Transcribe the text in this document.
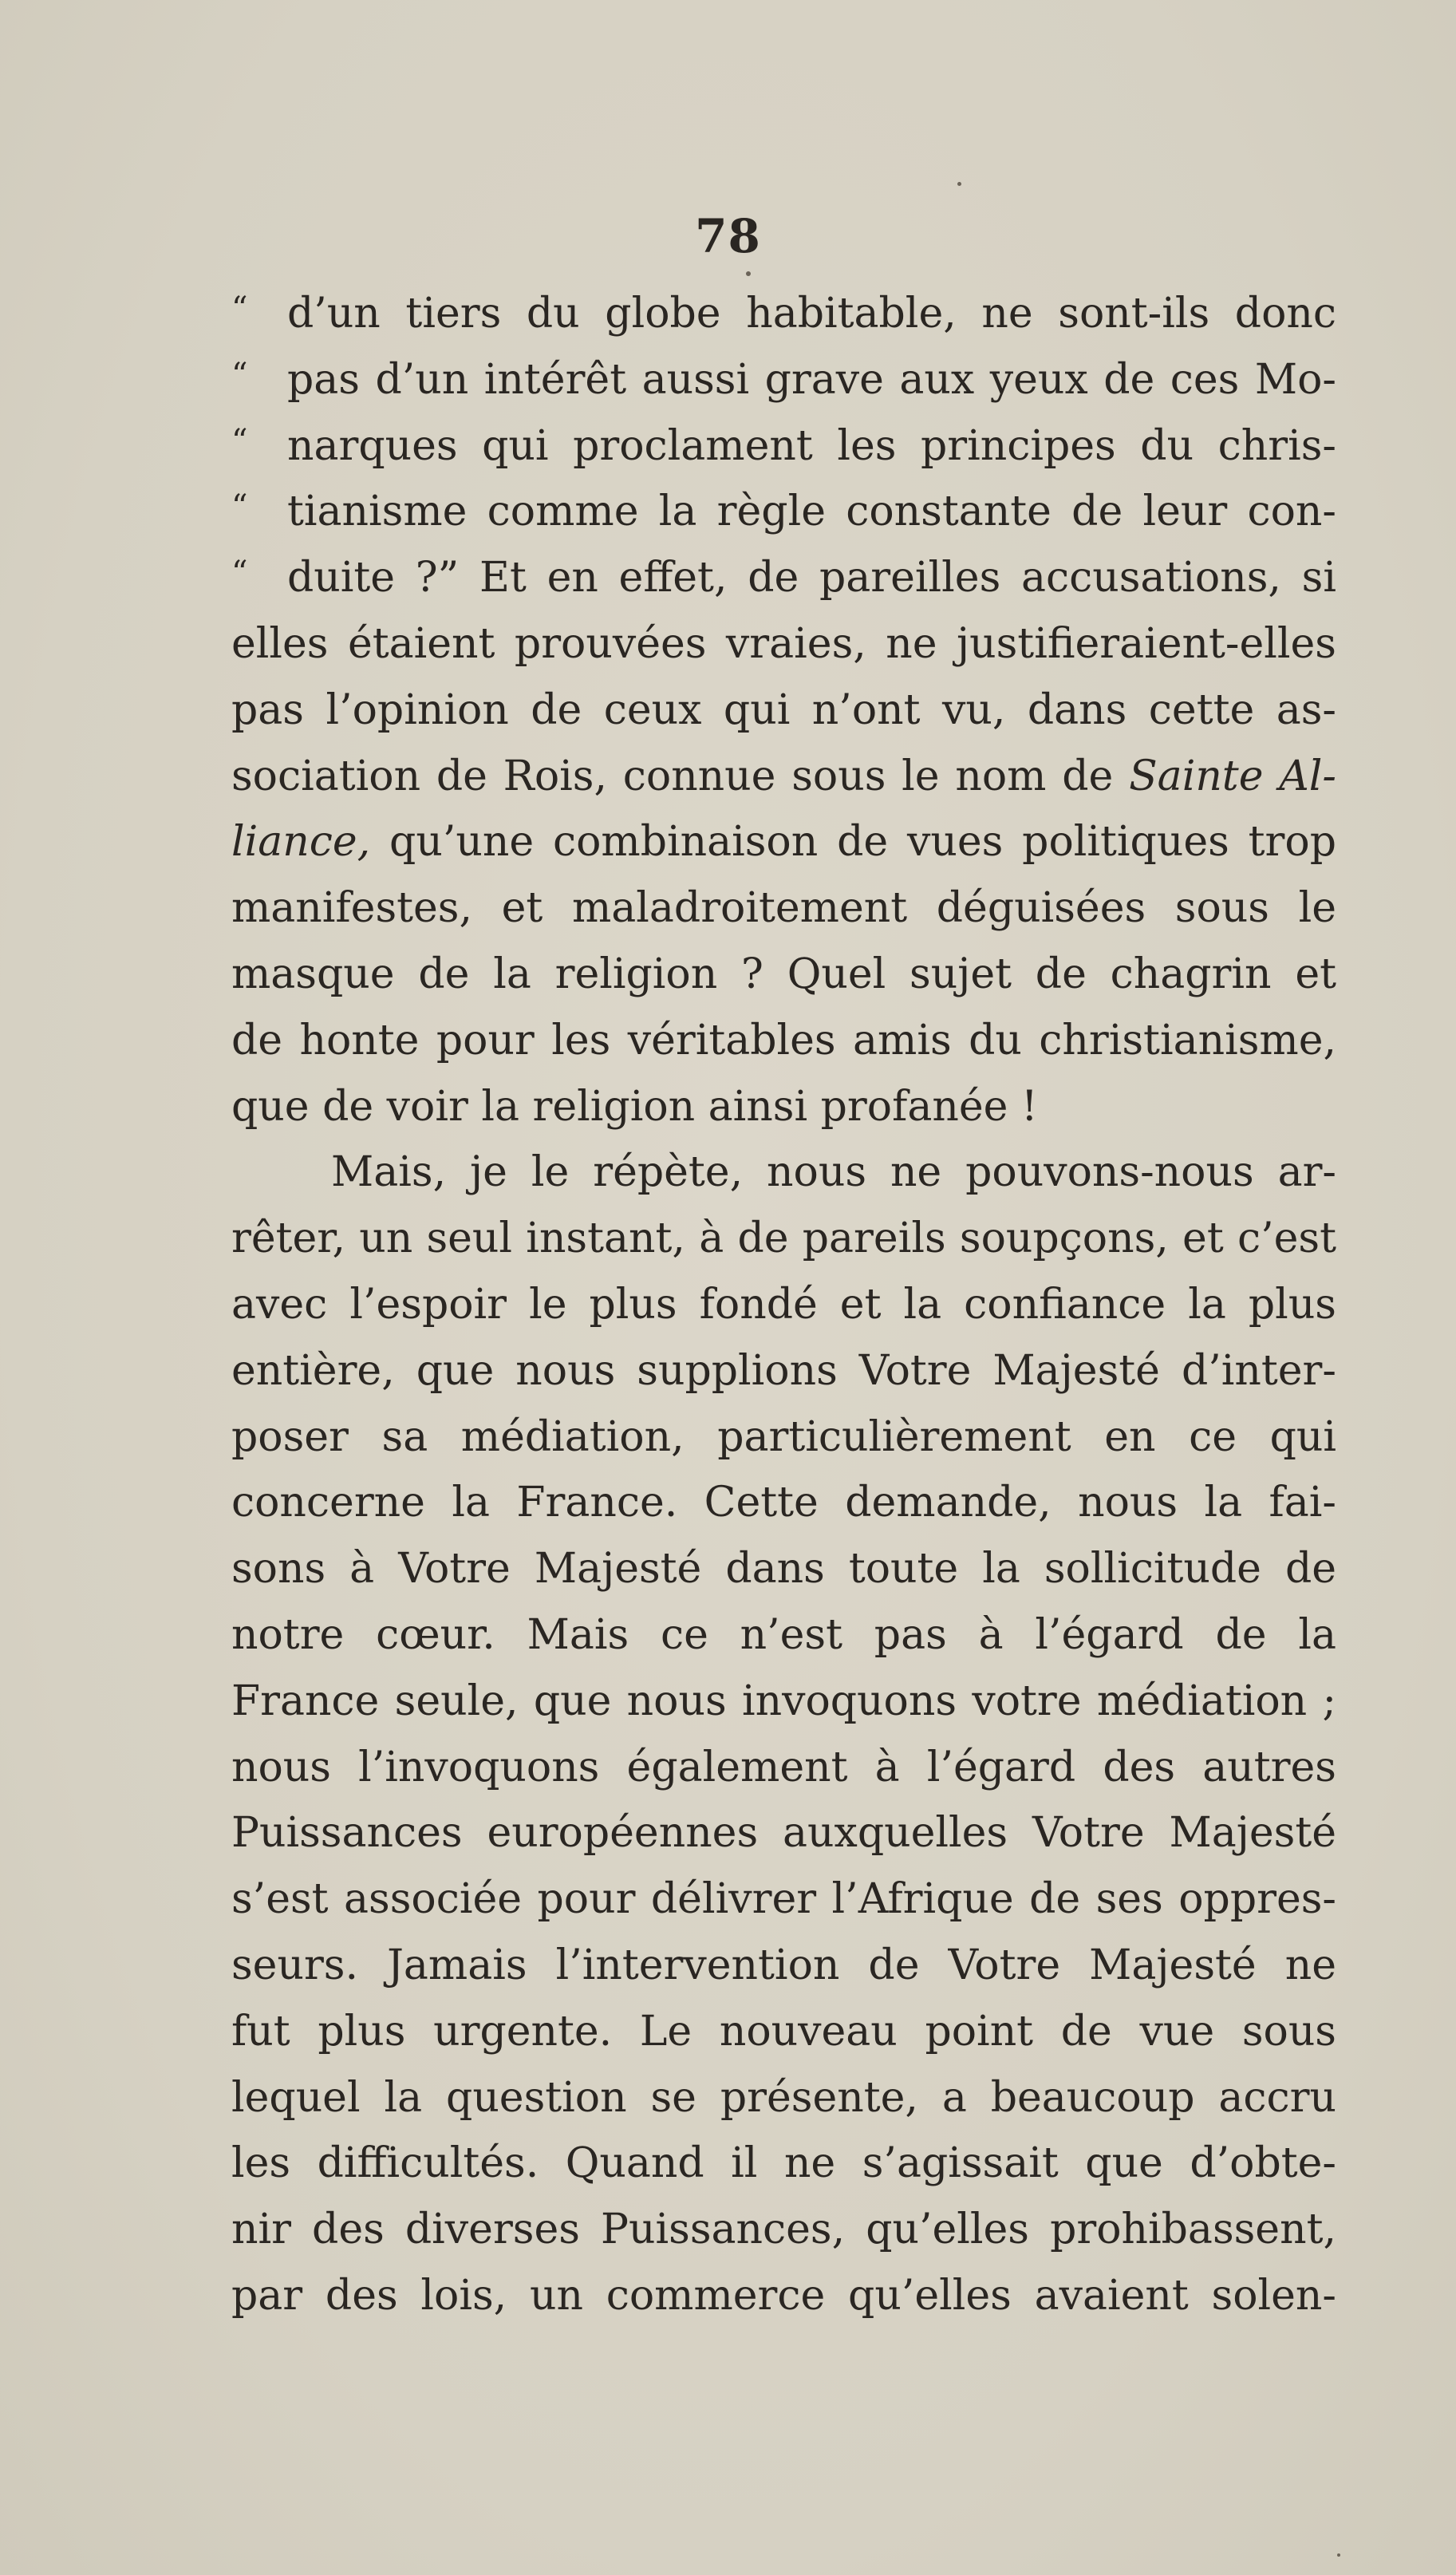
78
“ d’un tiers du globe habitable, ne sont-ils donc
“ pas d’un intérêt aussi grave aux yeux de ces Mo-
“ narques qui proclament les principes du chris-
“ tianisme comme la règle constante de leur con-
“ duite ?” Et en effet, de pareilles accusations, si
elles étaient prouvées vraies, ne justifieraient-elles
pas l’opinion de ceux qui n’ont vu, dans cette as-
sociation de Rois, connue sous le nom de Sainte Al-
liance, qu’une combinaison de vues politiques trop
manifestes, et maladroitement déguisées sous le
masque de la religion ? Quel sujet de chagrin et
de honte pour les véritables amis du christianisme,
que de voir la religion ainsi profanée !
Mais, je le répète, nous ne pouvons-nous ar-
rêter, un seul instant, à de pareils soupçons, et c’est
avec l’espoir le plus fondé et la confiance la plus
entière, que nous supplions Votre Majesté d’inter-
poser sa médiation, particulièrement en ce qui
concerne la France. Cette demande, nous la fai-
sons à Votre Majesté dans toute la sollicitude de
notre cœur. Mais ce n’est pas à l’égard de la
France seule, que nous invoquons votre médiation ;
nous l’invoquons également à l’égard des autres
Puissances européennes auxquelles Votre Majesté
s’est associée pour délivrer l’Afrique de ses oppres-
seurs. Jamais l’intervention de Votre Majesté ne
fut plus urgente. Le nouveau point de vue sous
lequel la question se présente, a beaucoup accru
les difficultés. Quand il ne s’agissait que d’obte-
nir des diverses Puissances, qu’elles prohibassent,
par des lois, un commerce qu’elles avaient solen-
